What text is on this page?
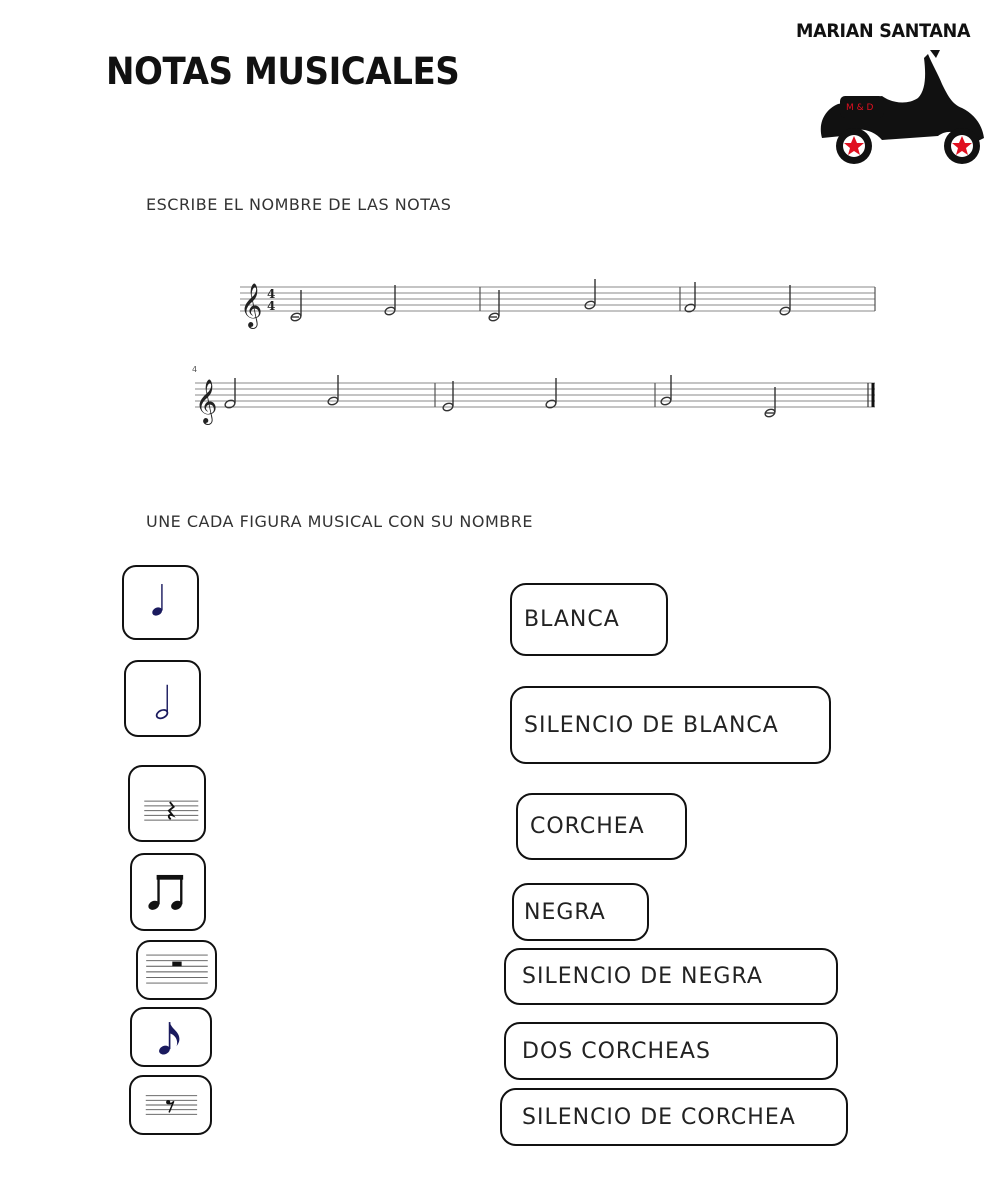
NOTAS MUSICALES
MARIAN SANTANA
M & D
ESCRIBE EL NOMBRE DE LAS NOTAS
𝄞 4
4
4
𝄞
UNE CADA FIGURA MUSICAL CON SU NOMBRE
BLANCA
SILENCIO DE BLANCA
CORCHEA
NEGRA
SILENCIO DE NEGRA
DOS CORCHEAS
SILENCIO DE CORCHEA
